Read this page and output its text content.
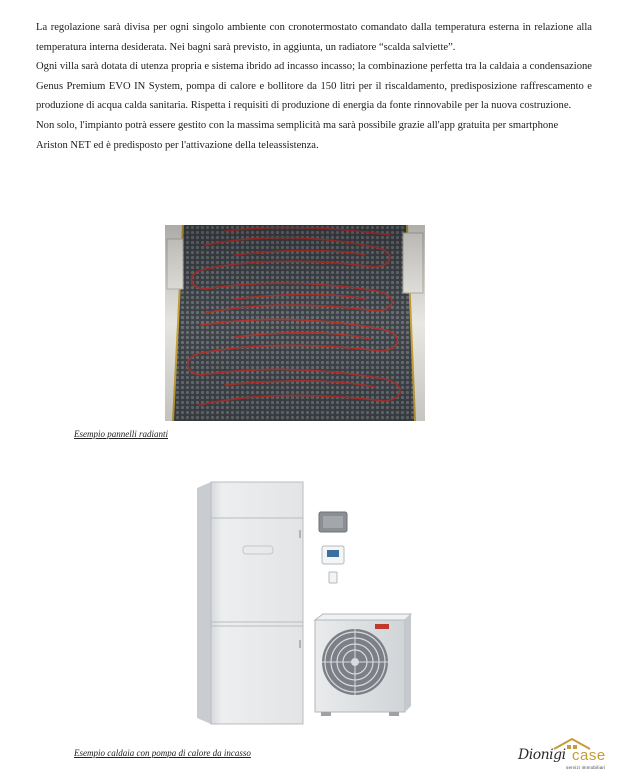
La regolazione sarà divisa per ogni singolo ambiente con cronotermostato comandato dalla temperatura esterna in relazione alla temperatura interna desiderata. Nei bagni sarà previsto, in aggiunta, un radiatore “scalda salviette”.

Ogni villa sarà dotata di utenza propria e sistema ibrido ad incasso incasso; la combinazione perfetta tra la caldaia a condensazione Genus Premium EVO IN System, pompa di calore e bollitore da 150 litri per il riscaldamento, predisposizione raffrescamento e produzione di acqua calda sanitaria. Rispetta i requisiti di produzione di energia da fonte rinnovabile per la nuova costruzione.

Non solo, l'impianto potrà essere gestito con la massima semplicità ma sarà possibile grazie all'app gratuita per smartphone Ariston NET ed è predisposto per l'attivazione della teleassistenza.

Esempio pannelli radianti
Esempio caldaia con pompa di calore da incasso	Dionigi case
servizi immobiliari
